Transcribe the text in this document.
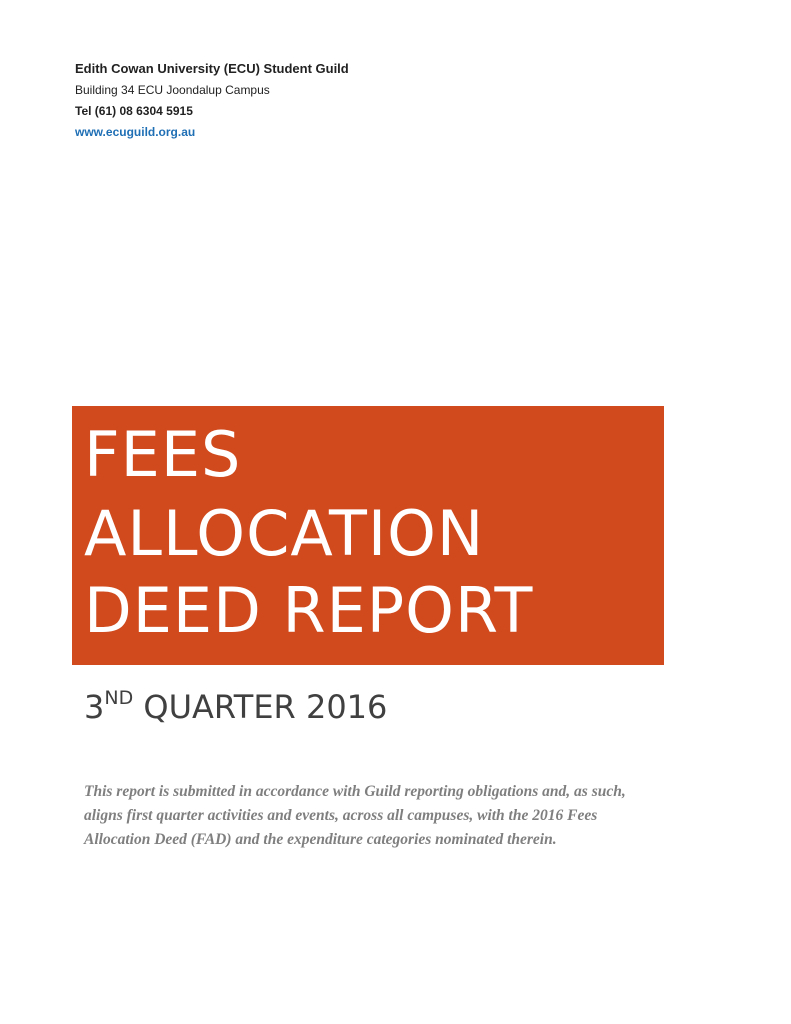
Edith Cowan University (ECU) Student Guild
Building 34 ECU Joondalup Campus
Tel (61) 08 6304 5915
www.ecuguild.org.au
FEES
ALLOCATION
DEED REPORT
3ND QUARTER 2016

This report is submitted in accordance with Guild reporting obligations and, as such, aligns first quarter activities and events, across all campuses, with the 2016 Fees Allocation Deed (FAD) and the expenditure categories nominated therein.
